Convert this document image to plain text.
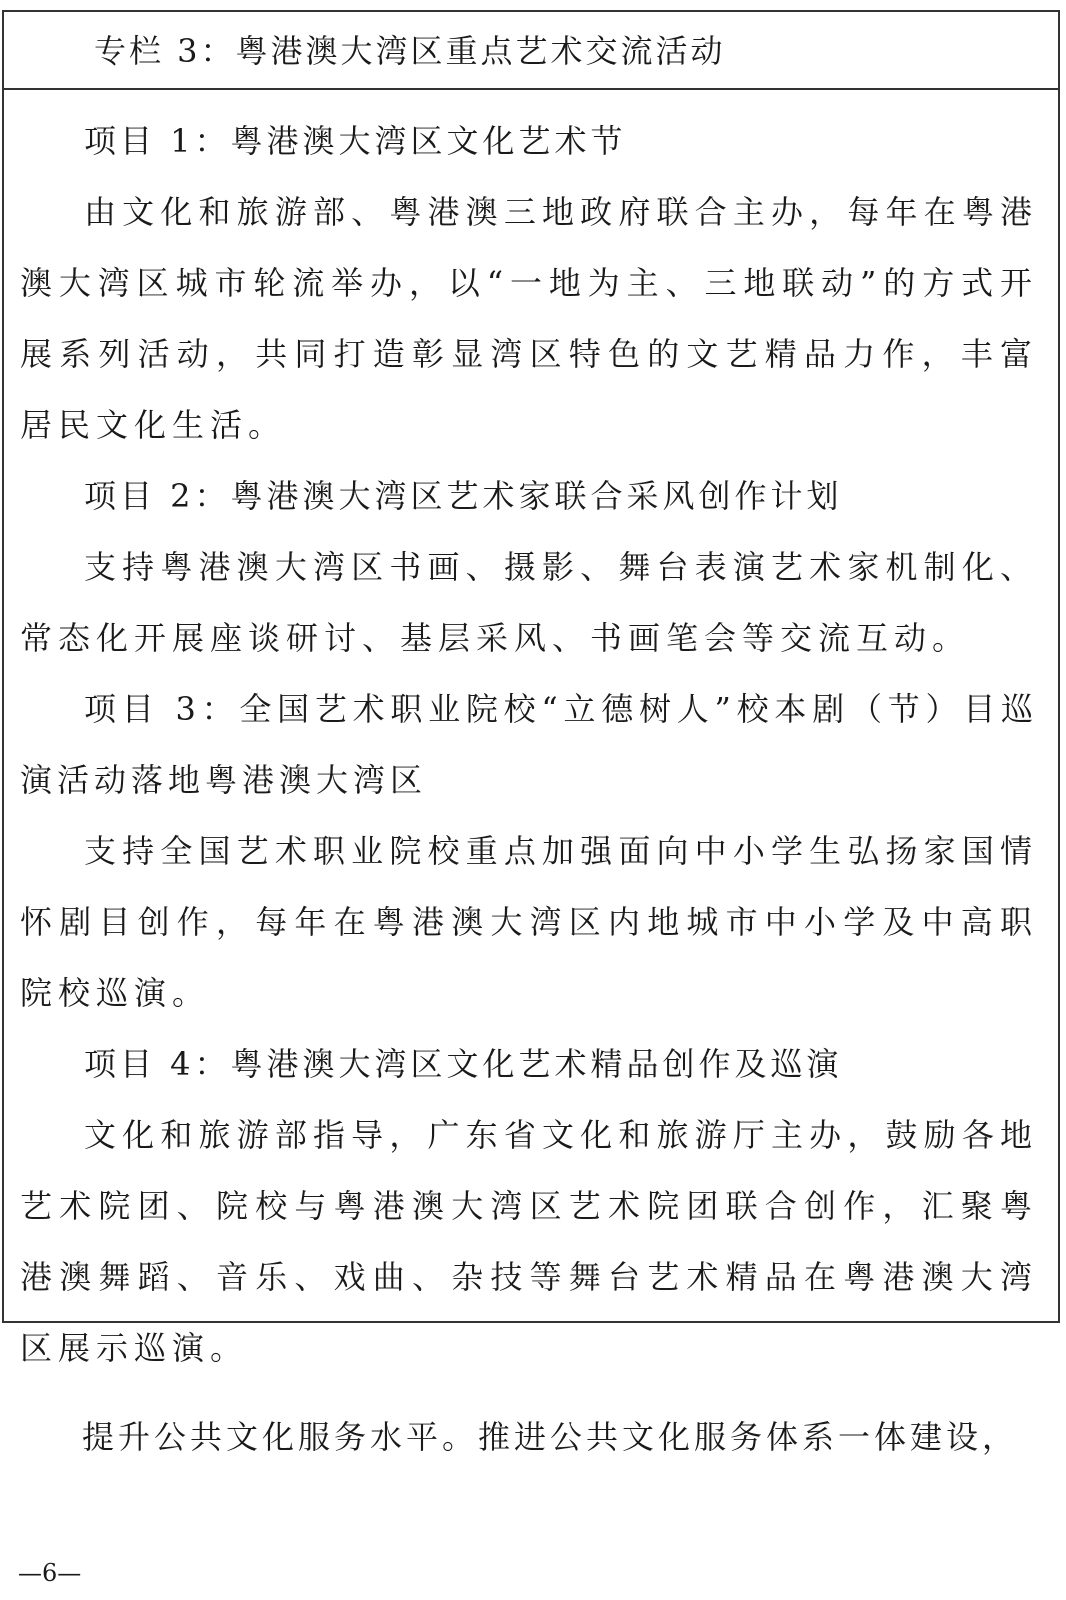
专栏 3：粤港澳大湾区重点艺术交流活动

项目 1：粤港澳大湾区文化艺术节

由文化和旅游部、粤港澳三地政府联合主办，每年在粤港澳大湾区城市轮流举办，以“一地为主、三地联动”的方式开展系列活动，共同打造彰显湾区特色的文艺精品力作，丰富居民文化生活。

项目 2：粤港澳大湾区艺术家联合采风创作计划

支持粤港澳大湾区书画、摄影、舞台表演艺术家机制化、常态化开展座谈研讨、基层采风、书画笔会等交流互动。

项目 3：全国艺术职业院校“立德树人”校本剧（节）目巡演活动落地粤港澳大湾区

支持全国艺术职业院校重点加强面向中小学生弘扬家国情怀剧目创作，每年在粤港澳大湾区内地城市中小学及中高职院校巡演。

项目 4：粤港澳大湾区文化艺术精品创作及巡演

文化和旅游部指导，广东省文化和旅游厅主办，鼓励各地艺术院团、院校与粤港澳大湾区艺术院团联合创作，汇聚粤港澳舞蹈、音乐、戏曲、杂技等舞台艺术精品在粤港澳大湾区展示巡演。

提升公共文化服务水平。推进公共文化服务体系一体建设，

—6—
